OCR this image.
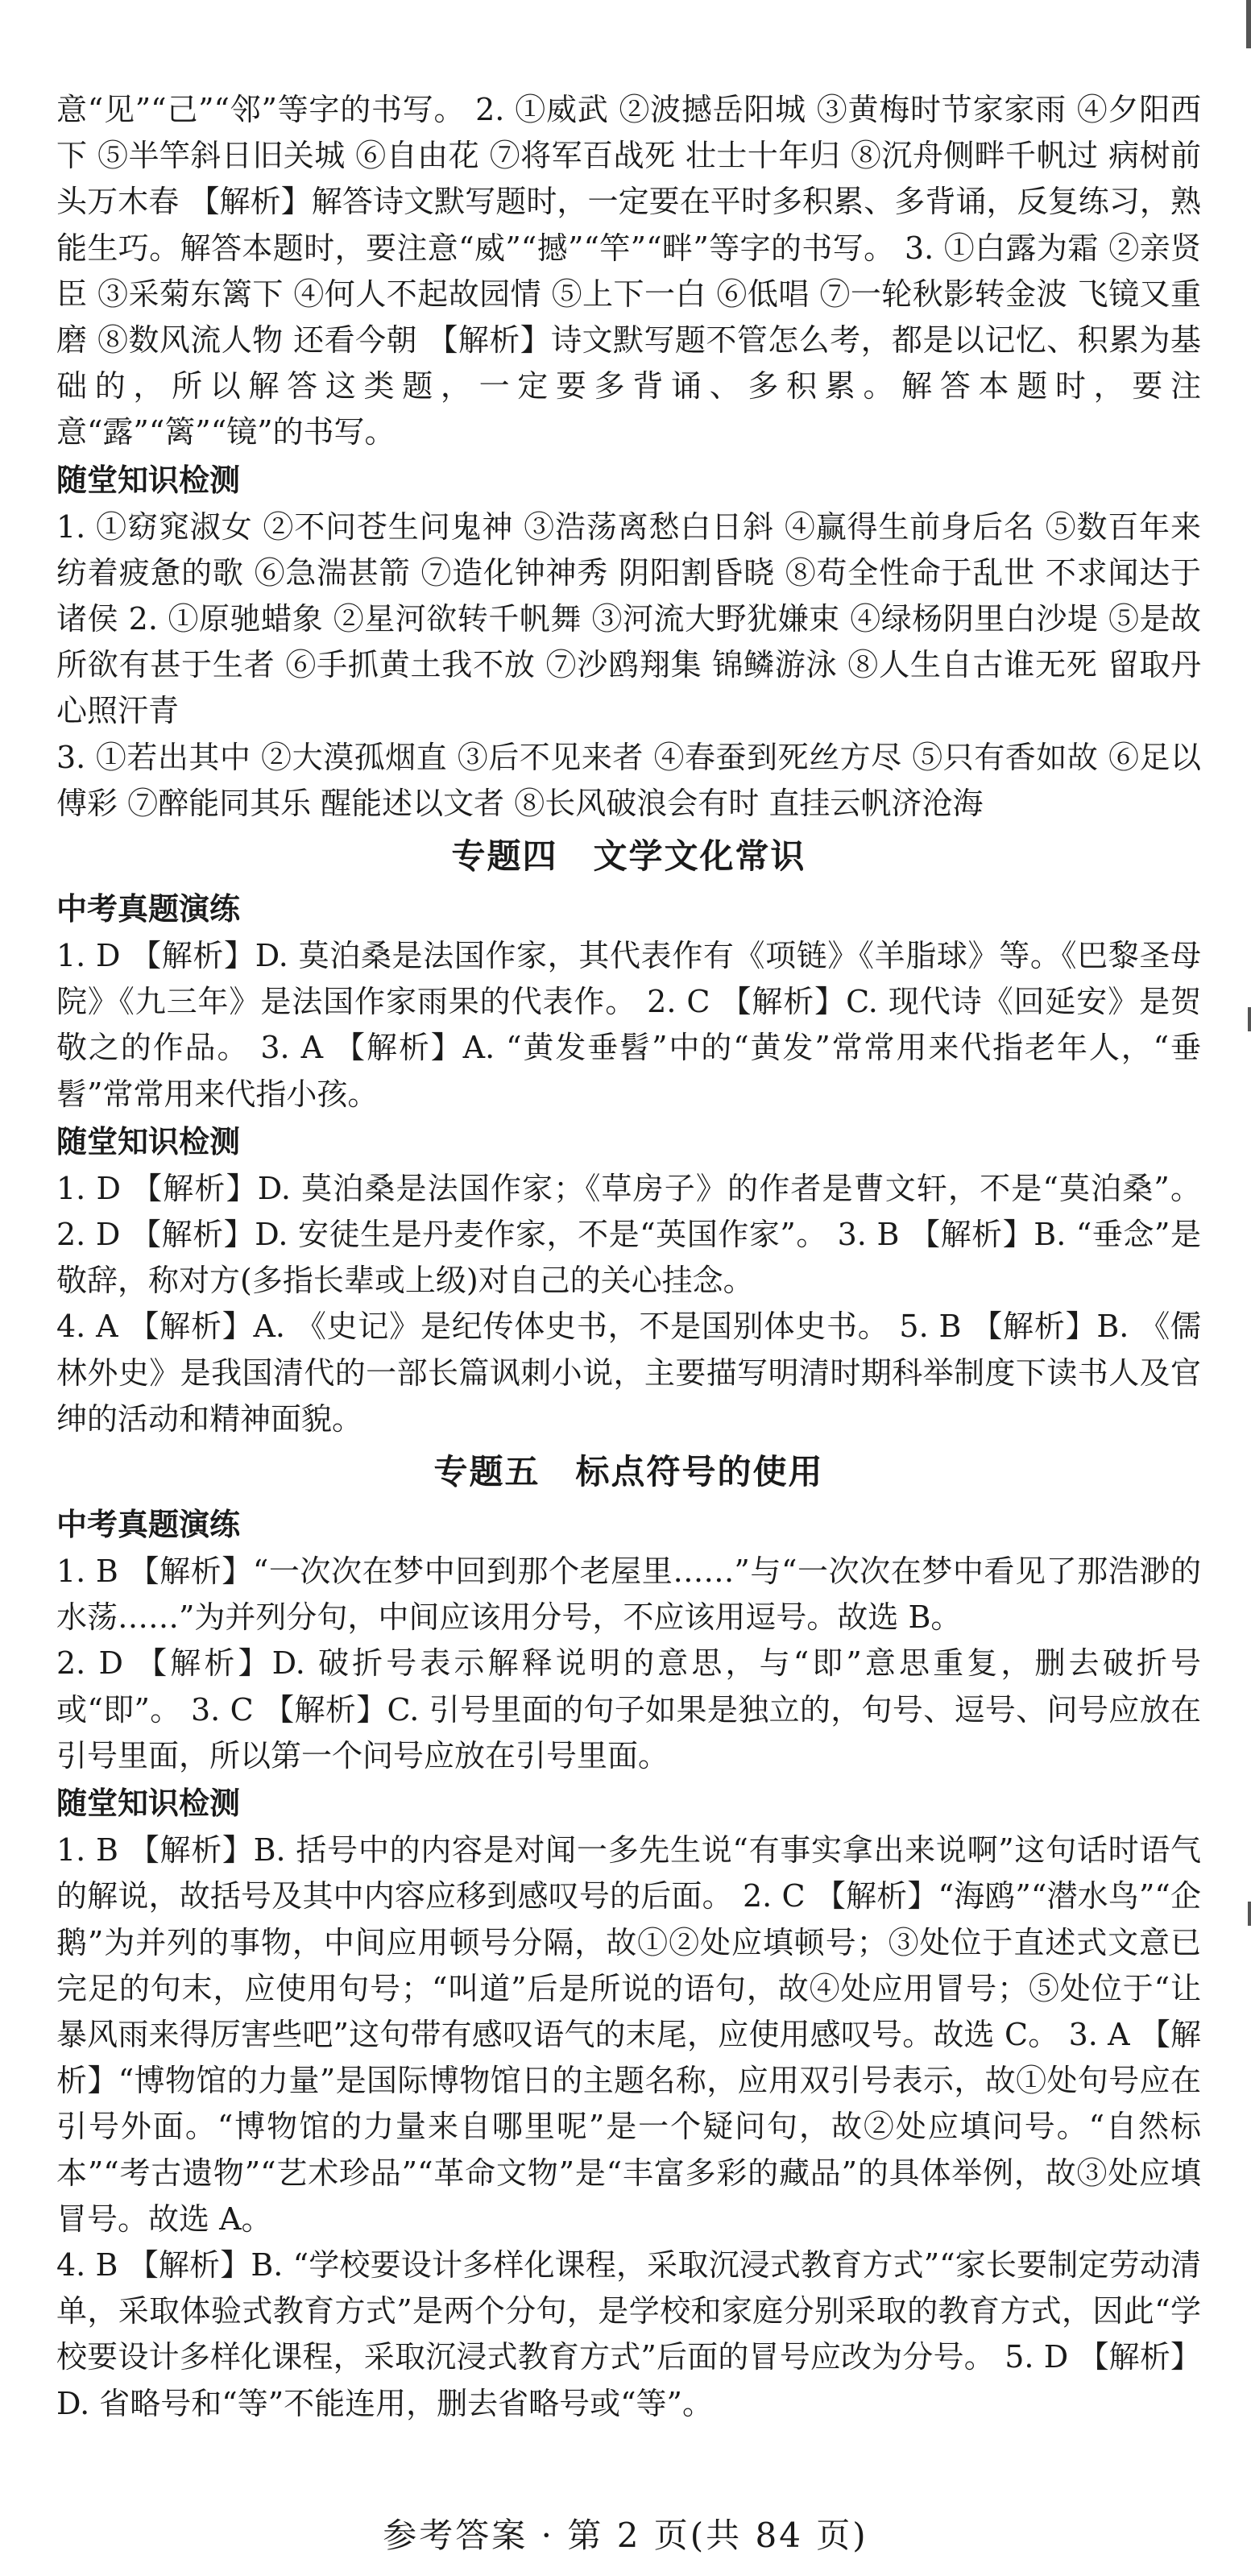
意“见”“己”“邻”等字的书写。 2. ①威武 ②波撼岳阳城 ③黄梅时节家家雨 ④夕阳西下 ⑤半竿斜日旧关城 ⑥自由花 ⑦将军百战死 壮士十年归 ⑧沉舟侧畔千帆过 病树前头万木春 【解析】解答诗文默写题时，一定要在平时多积累、多背诵，反复练习，熟能生巧。解答本题时，要注意“威”“撼”“竿”“畔”等字的书写。 3. ①白露为霜 ②亲贤臣 ③采菊东篱下 ④何人不起故园情 ⑤上下一白 ⑥低唱 ⑦一轮秋影转金波 飞镜又重磨 ⑧数风流人物 还看今朝 【解析】诗文默写题不管怎么考，都是以记忆、积累为基础的，所以解答这类题，一定要多背诵、多积累。解答本题时，要注意“露”“篱”“镜”的书写。

随堂知识检测

1. ①窈窕淑女 ②不问苍生问鬼神 ③浩荡离愁白日斜 ④赢得生前身后名 ⑤数百年来纺着疲惫的歌 ⑥急湍甚箭 ⑦造化钟神秀 阴阳割昏晓 ⑧苟全性命于乱世 不求闻达于诸侯 2. ①原驰蜡象 ②星河欲转千帆舞 ③河流大野犹嫌束 ④绿杨阴里白沙堤 ⑤是故所欲有甚于生者 ⑥手抓黄土我不放 ⑦沙鸥翔集 锦鳞游泳 ⑧人生自古谁无死 留取丹心照汗青

3. ①若出其中 ②大漠孤烟直 ③后不见来者 ④春蚕到死丝方尽 ⑤只有香如故 ⑥足以傅彩 ⑦醉能同其乐 醒能述以文者 ⑧长风破浪会有时 直挂云帆济沧海

专题四　文学文化常识

中考真题演练

1. D 【解析】D. 莫泊桑是法国作家，其代表作有《项链》《羊脂球》等。《巴黎圣母院》《九三年》是法国作家雨果的代表作。 2. C 【解析】C. 现代诗《回延安》是贺敬之的作品。 3. A 【解析】A. “黄发垂髫”中的“黄发”常常用来代指老年人，“垂髫”常常用来代指小孩。

随堂知识检测

1. D 【解析】D. 莫泊桑是法国作家；《草房子》的作者是曹文轩，不是“莫泊桑”。 2. D 【解析】D. 安徒生是丹麦作家，不是“英国作家”。 3. B 【解析】B. “垂念”是敬辞，称对方(多指长辈或上级)对自己的关心挂念。

4. A 【解析】A. 《史记》是纪传体史书，不是国别体史书。 5. B 【解析】B. 《儒林外史》是我国清代的一部长篇讽刺小说，主要描写明清时期科举制度下读书人及官绅的活动和精神面貌。

专题五　标点符号的使用

中考真题演练

1. B 【解析】“一次次在梦中回到那个老屋里……”与“一次次在梦中看见了那浩渺的水荡……”为并列分句，中间应该用分号，不应该用逗号。故选 B。

2. D 【解析】D. 破折号表示解释说明的意思，与“即”意思重复，删去破折号或“即”。 3. C 【解析】C. 引号里面的句子如果是独立的，句号、逗号、问号应放在引号里面，所以第一个问号应放在引号里面。

随堂知识检测

1. B 【解析】B. 括号中的内容是对闻一多先生说“有事实拿出来说啊”这句话时语气的解说，故括号及其中内容应移到感叹号的后面。 2. C 【解析】“海鸥”“潜水鸟”“企鹅”为并列的事物，中间应用顿号分隔，故①②处应填顿号；③处位于直述式文意已完足的句末，应使用句号；“叫道”后是所说的语句，故④处应用冒号；⑤处位于“让暴风雨来得厉害些吧”这句带有感叹语气的末尾，应使用感叹号。故选 C。 3. A 【解析】“博物馆的力量”是国际博物馆日的主题名称，应用双引号表示，故①处句号应在引号外面。“博物馆的力量来自哪里呢”是一个疑问句，故②处应填问号。“自然标本”“考古遗物”“艺术珍品”“革命文物”是“丰富多彩的藏品”的具体举例，故③处应填冒号。故选 A。

4. B 【解析】B. “学校要设计多样化课程，采取沉浸式教育方式”“家长要制定劳动清单，采取体验式教育方式”是两个分句，是学校和家庭分别采取的教育方式，因此“学校要设计多样化课程，采取沉浸式教育方式”后面的冒号应改为分号。 5. D 【解析】D. 省略号和“等”不能连用，删去省略号或“等”。

参考答案 · 第 2 页(共 84 页)
